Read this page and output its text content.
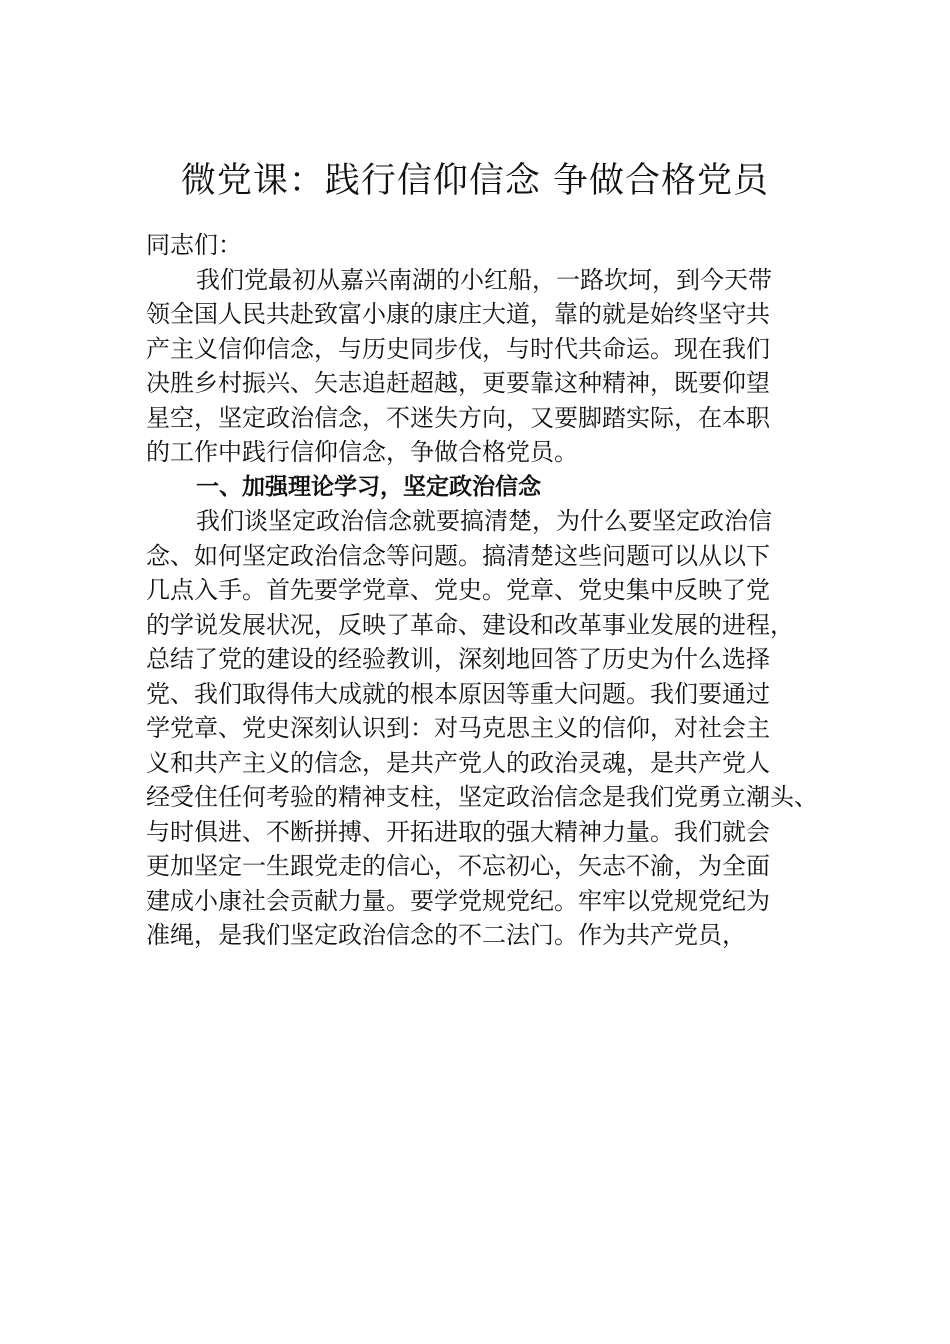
微党课：践行信仰信念 争做合格党员

同志们：

我们党最初从嘉兴南湖的小红船，一路坎坷，到今天带

领全国人民共赴致富小康的康庄大道，靠的就是始终坚守共

产主义信仰信念，与历史同步伐，与时代共命运。现在我们

决胜乡村振兴、矢志追赶超越，更要靠这种精神，既要仰望

星空，坚定政治信念，不迷失方向，又要脚踏实际，在本职

的工作中践行信仰信念，争做合格党员。

一、加强理论学习，坚定政治信念

我们谈坚定政治信念就要搞清楚，为什么要坚定政治信

念、如何坚定政治信念等问题。搞清楚这些问题可以从以下

几点入手。首先要学党章、党史。党章、党史集中反映了党

的学说发展状况，反映了革命、建设和改革事业发展的进程，

总结了党的建设的经验教训，深刻地回答了历史为什么选择

党、我们取得伟大成就的根本原因等重大问题。我们要通过

学党章、党史深刻认识到：对马克思主义的信仰，对社会主

义和共产主义的信念，是共产党人的政治灵魂，是共产党人

经受住任何考验的精神支柱，坚定政治信念是我们党勇立潮头、

与时俱进、不断拼搏、开拓进取的强大精神力量。我们就会

更加坚定一生跟党走的信心，不忘初心，矢志不渝，为全面

建成小康社会贡献力量。要学党规党纪。牢牢以党规党纪为

准绳，是我们坚定政治信念的不二法门。作为共产党员，
